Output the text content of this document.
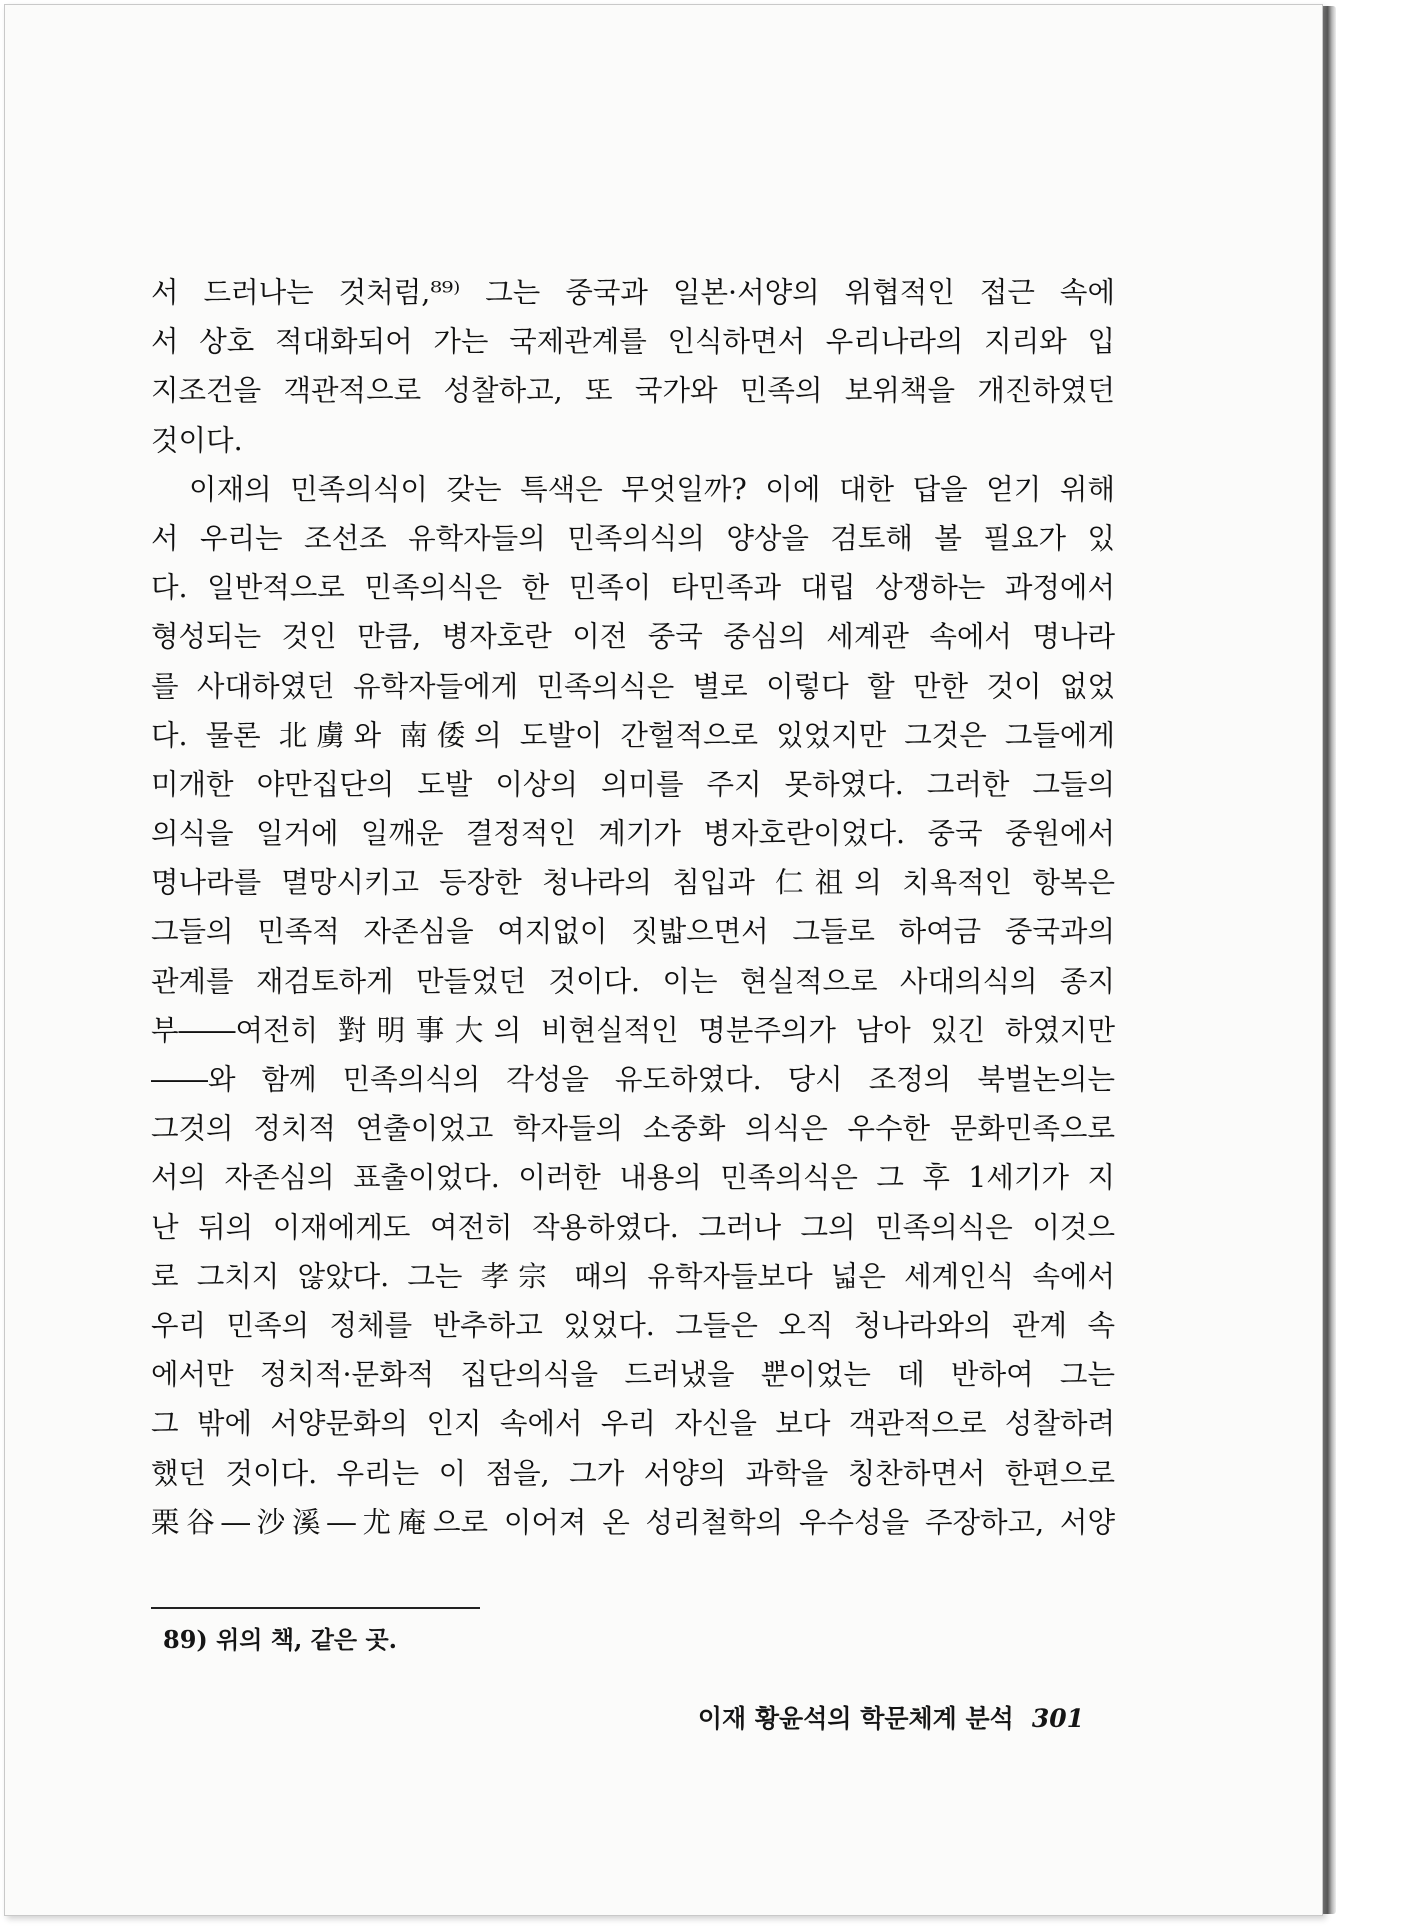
서 드러나는 것처럼,⁸⁹⁾ 그는 중국과 일본·서양의 위협적인 접근 속에
서 상호 적대화되어 가는 국제관계를 인식하면서 우리나라의 지리와 입
지조건을 객관적으로 성찰하고, 또 국가와 민족의 보위책을 개진하였던
것이다.
　이재의 민족의식이 갖는 특색은 무엇일까? 이에 대한 답을 얻기 위해
서 우리는 조선조 유학자들의 민족의식의 양상을 검토해 볼 필요가 있
다. 일반적으로 민족의식은 한 민족이 타민족과 대립 상쟁하는 과정에서
형성되는 것인 만큼, 병자호란 이전 중국 중심의 세계관 속에서 명나라
를 사대하였던 유학자들에게 민족의식은 별로 이렇다 할 만한 것이 없었
다. 물론 北虜와 南倭의 도발이 간헐적으로 있었지만 그것은 그들에게
미개한 야만집단의 도발 이상의 의미를 주지 못하였다. 그러한 그들의
의식을 일거에 일깨운 결정적인 계기가 병자호란이었다. 중국 중원에서
명나라를 멸망시키고 등장한 청나라의 침입과 仁祖의 치욕적인 항복은
그들의 민족적 자존심을 여지없이 짓밟으면서 그들로 하여금 중국과의
관계를 재검토하게 만들었던 것이다. 이는 현실적으로 사대의식의 종지
부――여전히 對明事大의 비현실적인 명분주의가 남아 있긴 하였지만
――와 함께 민족의식의 각성을 유도하였다. 당시 조정의 북벌논의는
그것의 정치적 연출이었고 학자들의 소중화 의식은 우수한 문화민족으로
서의 자존심의 표출이었다. 이러한 내용의 민족의식은 그 후 1세기가 지
난 뒤의 이재에게도 여전히 작용하였다. 그러나 그의 민족의식은 이것으
로 그치지 않았다. 그는 孝宗 때의 유학자들보다 넓은 세계인식 속에서
우리 민족의 정체를 반추하고 있었다. 그들은 오직 청나라와의 관계 속
에서만 정치적·문화적 집단의식을 드러냈을 뿐이었는 데 반하여 그는
그 밖에 서양문화의 인지 속에서 우리 자신을 보다 객관적으로 성찰하려
했던 것이다. 우리는 이 점을, 그가 서양의 과학을 칭찬하면서 한편으로
栗谷―沙溪―尤庵으로 이어져 온 성리철학의 우수성을 주장하고, 서양
89) 위의 책, 같은 곳.
이재 황윤석의 학문체계 분석 301
